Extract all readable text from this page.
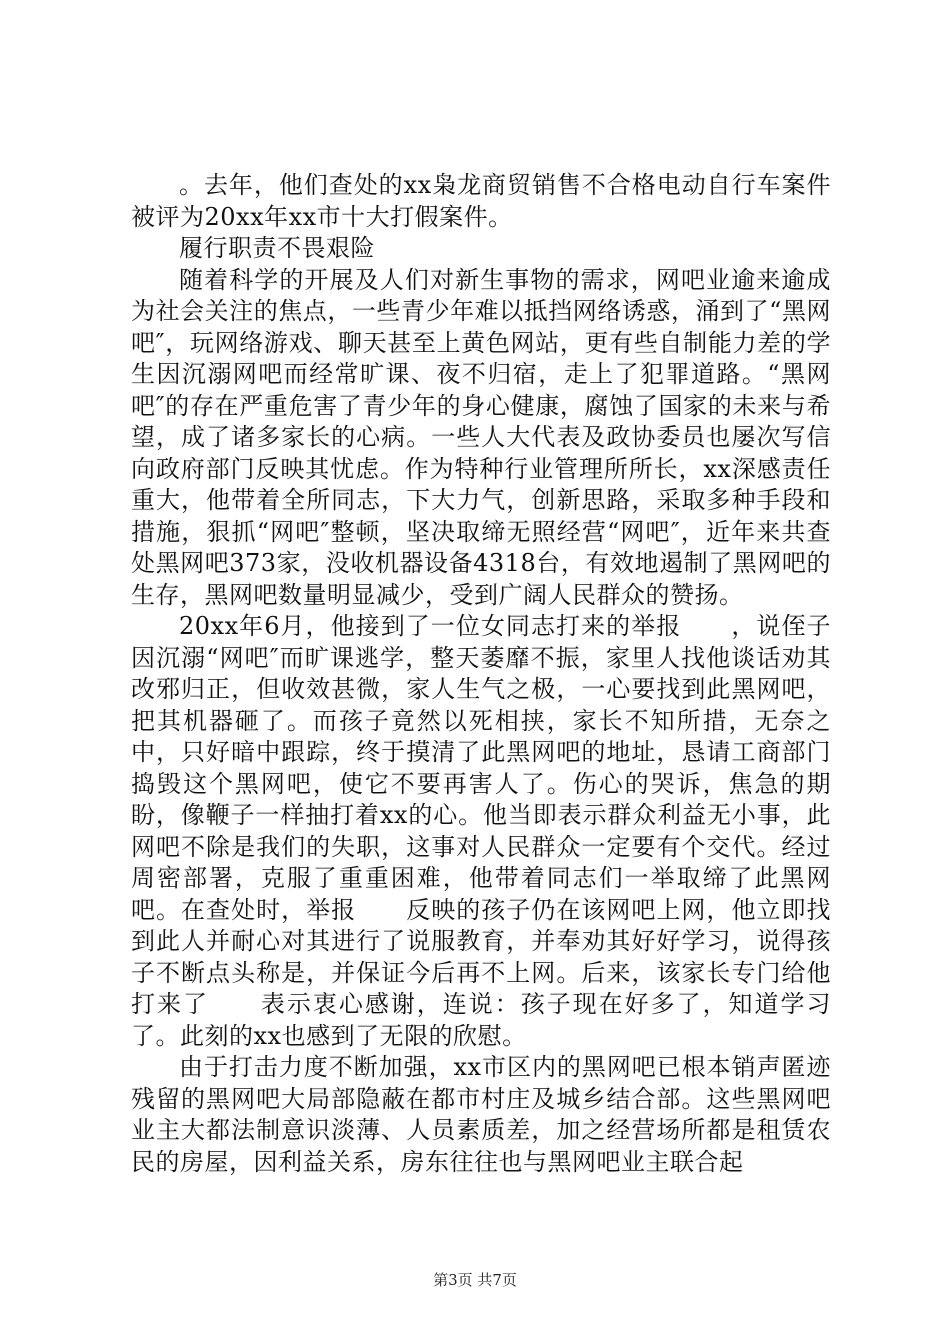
。去年，他们查处的xx枭龙商贸销售不合格电动自行车案件被评为20xx年xx市十大打假案件。

履行职责不畏艰险

随着科学的开展及人们对新生事物的需求，网吧业逾来逾成为社会关注的焦点，一些青少年难以抵挡网络诱惑，涌到了“黑网吧″，玩网络游戏、聊天甚至上黄色网站，更有些自制能力差的学生因沉溺网吧而经常旷课、夜不归宿，走上了犯罪道路。“黑网吧″的存在严重危害了青少年的身心健康，腐蚀了国家的未来与希望，成了诸多家长的心病。一些人大代表及政协委员也屡次写信向政府部门反映其忧虑。作为特种行业管理所所长，xx深感责任重大，他带着全所同志，下大力气，创新思路，采取多种手段和措施，狠抓“网吧″整顿，坚决取缔无照经营“网吧″，近年来共查处黑网吧373家，没收机器设备4318台，有效地遏制了黑网吧的生存，黑网吧数量明显减少，受到广阔人民群众的赞扬。

20xx年6月，他接到了一位女同志打来的举报　　，说侄子因沉溺“网吧″而旷课逃学，整天萎靡不振，家里人找他谈话劝其改邪归正，但收效甚微，家人生气之极，一心要找到此黑网吧，把其机器砸了。而孩子竟然以死相挟，家长不知所措，无奈之中，只好暗中跟踪，终于摸清了此黑网吧的地址，恳请工商部门捣毁这个黑网吧，使它不要再害人了。伤心的哭诉，焦急的期盼，像鞭子一样抽打着xx的心。他当即表示群众利益无小事，此网吧不除是我们的失职，这事对人民群众一定要有个交代。经过周密部署，克服了重重困难，他带着同志们一举取缔了此黑网吧。在查处时，举报　　反映的孩子仍在该网吧上网，他立即找到此人并耐心对其进行了说服教育，并奉劝其好好学习，说得孩子不断点头称是，并保证今后再不上网。后来，该家长专门给他打来了　　表示衷心感谢，连说：孩子现在好多了，知道学习了。此刻的xx也感到了无限的欣慰。

由于打击力度不断加强，xx市区内的黑网吧已根本销声匿迹残留的黑网吧大局部隐蔽在都市村庄及城乡结合部。这些黑网吧业主大都法制意识淡薄、人员素质差，加之经营场所都是租赁农民的房屋，因利益关系，房东往往也与黑网吧业主联合起

第3页 共7页
